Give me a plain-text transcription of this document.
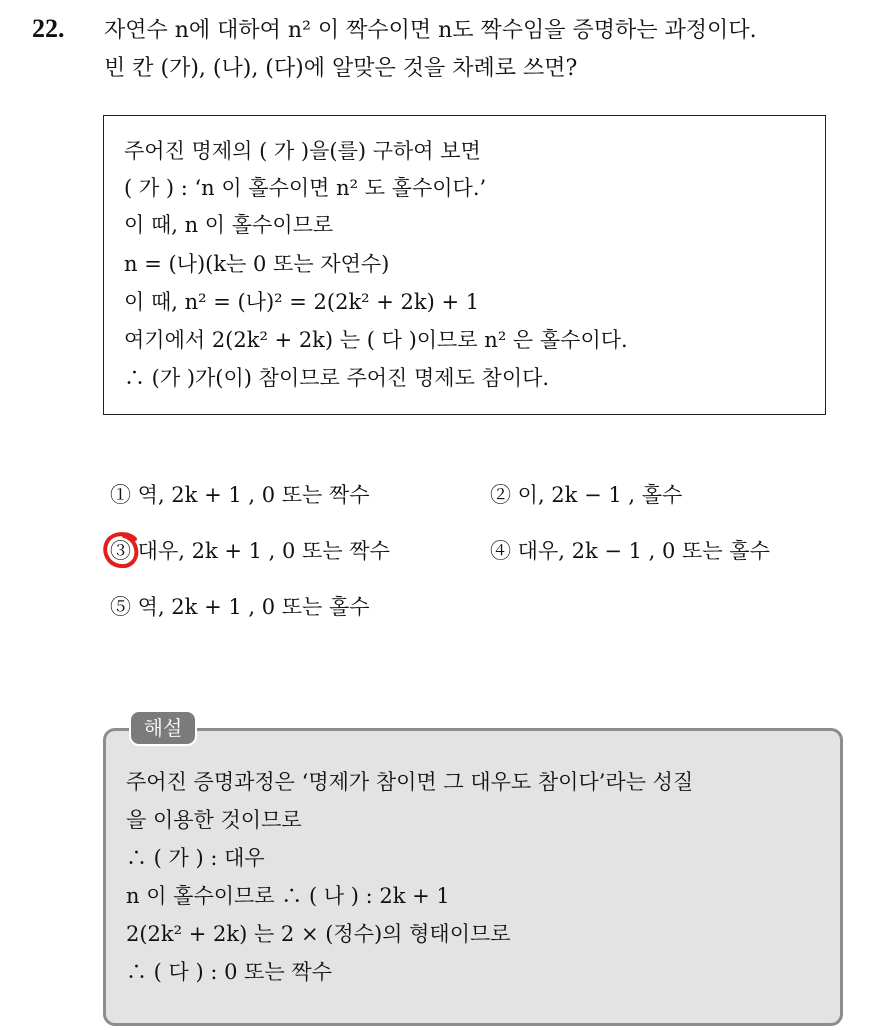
22. 자연수 n에 대하여 n² 이 짝수이면 n도 짝수임을 증명하는 과정이다.
빈 칸 (가), (나), (다)에 알맞은 것을 차례로 쓰면?
주어진 명제의 ( 가 )을(를) 구하여 보면
( 가 ) : ‘n 이 홀수이면 n² 도 홀수이다.’
이 때, n 이 홀수이므로
n = (나)(k는 0 또는 자연수)
이 때, n² = (나)² = 2(2k² + 2k) + 1
여기에서 2(2k² + 2k) 는 ( 다 )이므로 n² 은 홀수이다.
∴ (가 )가(이) 참이므로 주어진 명제도 참이다.
① 역, 2k + 1 , 0 또는 짝수	② 이, 2k − 1 , 홀수
③ 대우, 2k + 1 , 0 또는 짝수	④ 대우, 2k − 1 , 0 또는 홀수
⑤ 역, 2k + 1 , 0 또는 홀수
주어진 증명과정은 ‘명제가 참이면 그 대우도 참이다’라는 성질
을 이용한 것이므로
∴ ( 가 ) : 대우
n 이 홀수이므로 ∴ ( 나 ) : 2k + 1
2(2k² + 2k) 는 2 × (정수)의 형태이므로
∴ ( 다 ) : 0 또는 짝수
해설
